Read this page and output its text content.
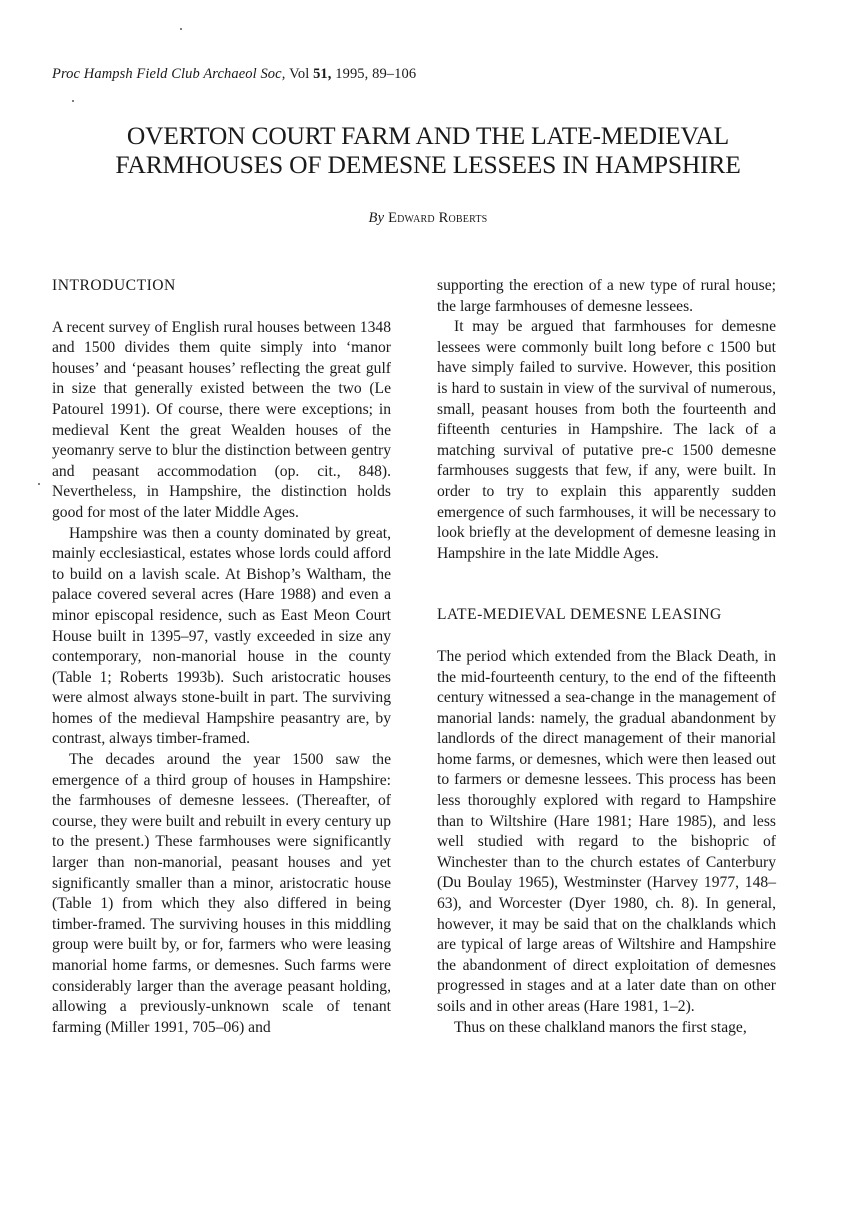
Proc Hampsh Field Club Archaeol Soc, Vol 51, 1995, 89–106
OVERTON COURT FARM AND THE LATE-MEDIEVAL
FARMHOUSES OF DEMESNE LESSEES IN HAMPSHIRE
By Edward Roberts
INTRODUCTION

A recent survey of English rural houses between 1348 and 1500 divides them quite simply into ‘manor houses’ and ‘peasant houses’ reflecting the great gulf in size that generally existed between the two (Le Patourel 1991). Of course, there were exceptions; in medieval Kent the great Wealden houses of the yeomanry serve to blur the distinction between gentry and peasant accommodation (op. cit., 848). Nevertheless, in Hampshire, the distinction holds good for most of the later Middle Ages.

Hampshire was then a county dominated by great, mainly ecclesiastical, estates whose lords could afford to build on a lavish scale. At Bishop’s Waltham, the palace covered several acres (Hare 1988) and even a minor episcopal residence, such as East Meon Court House built in 1395–97, vastly exceeded in size any contemporary, non-manorial house in the county (Table 1; Roberts 1993b). Such aristocratic houses were almost always stone-built in part. The surviving homes of the medieval Hampshire peasantry are, by contrast, always timber-framed.

The decades around the year 1500 saw the emergence of a third group of houses in Hampshire: the farmhouses of demesne lessees. (Thereafter, of course, they were built and rebuilt in every century up to the present.) These farmhouses were significantly larger than non-manorial, peasant houses and yet significantly smaller than a minor, aristocratic house (Table 1) from which they also differed in being timber-framed. The surviving houses in this middling group were built by, or for, farmers who were leasing manorial home farms, or demesnes. Such farms were considerably larger than the average peasant holding, allowing a previously-unknown scale of tenant farming (Miller 1991, 705–06) and

supporting the erection of a new type of rural house; the large farmhouses of demesne lessees.

It may be argued that farmhouses for demesne lessees were commonly built long before c 1500 but have simply failed to survive. However, this position is hard to sustain in view of the survival of numerous, small, peasant houses from both the fourteenth and fifteenth centuries in Hampshire. The lack of a matching survival of putative pre-c 1500 demesne farmhouses suggests that few, if any, were built. In order to try to explain this apparently sudden emergence of such farmhouses, it will be necessary to look briefly at the development of demesne leasing in Hampshire in the late Middle Ages.

LATE-MEDIEVAL DEMESNE LEASING

The period which extended from the Black Death, in the mid-fourteenth century, to the end of the fifteenth century witnessed a sea-change in the management of manorial lands: namely, the gradual abandonment by landlords of the direct management of their manorial home farms, or demesnes, which were then leased out to farmers or demesne lessees. This process has been less thoroughly explored with regard to Hampshire than to Wiltshire (Hare 1981; Hare 1985), and less well studied with regard to the bishopric of Winchester than to the church estates of Canterbury (Du Boulay 1965), Westminster (Harvey 1977, 148–63), and Worcester (Dyer 1980, ch. 8). In general, however, it may be said that on the chalklands which are typical of large areas of Wiltshire and Hampshire the abandonment of direct exploitation of demesnes progressed in stages and at a later date than on other soils and in other areas (Hare 1981, 1–2).

Thus on these chalkland manors the first stage,
